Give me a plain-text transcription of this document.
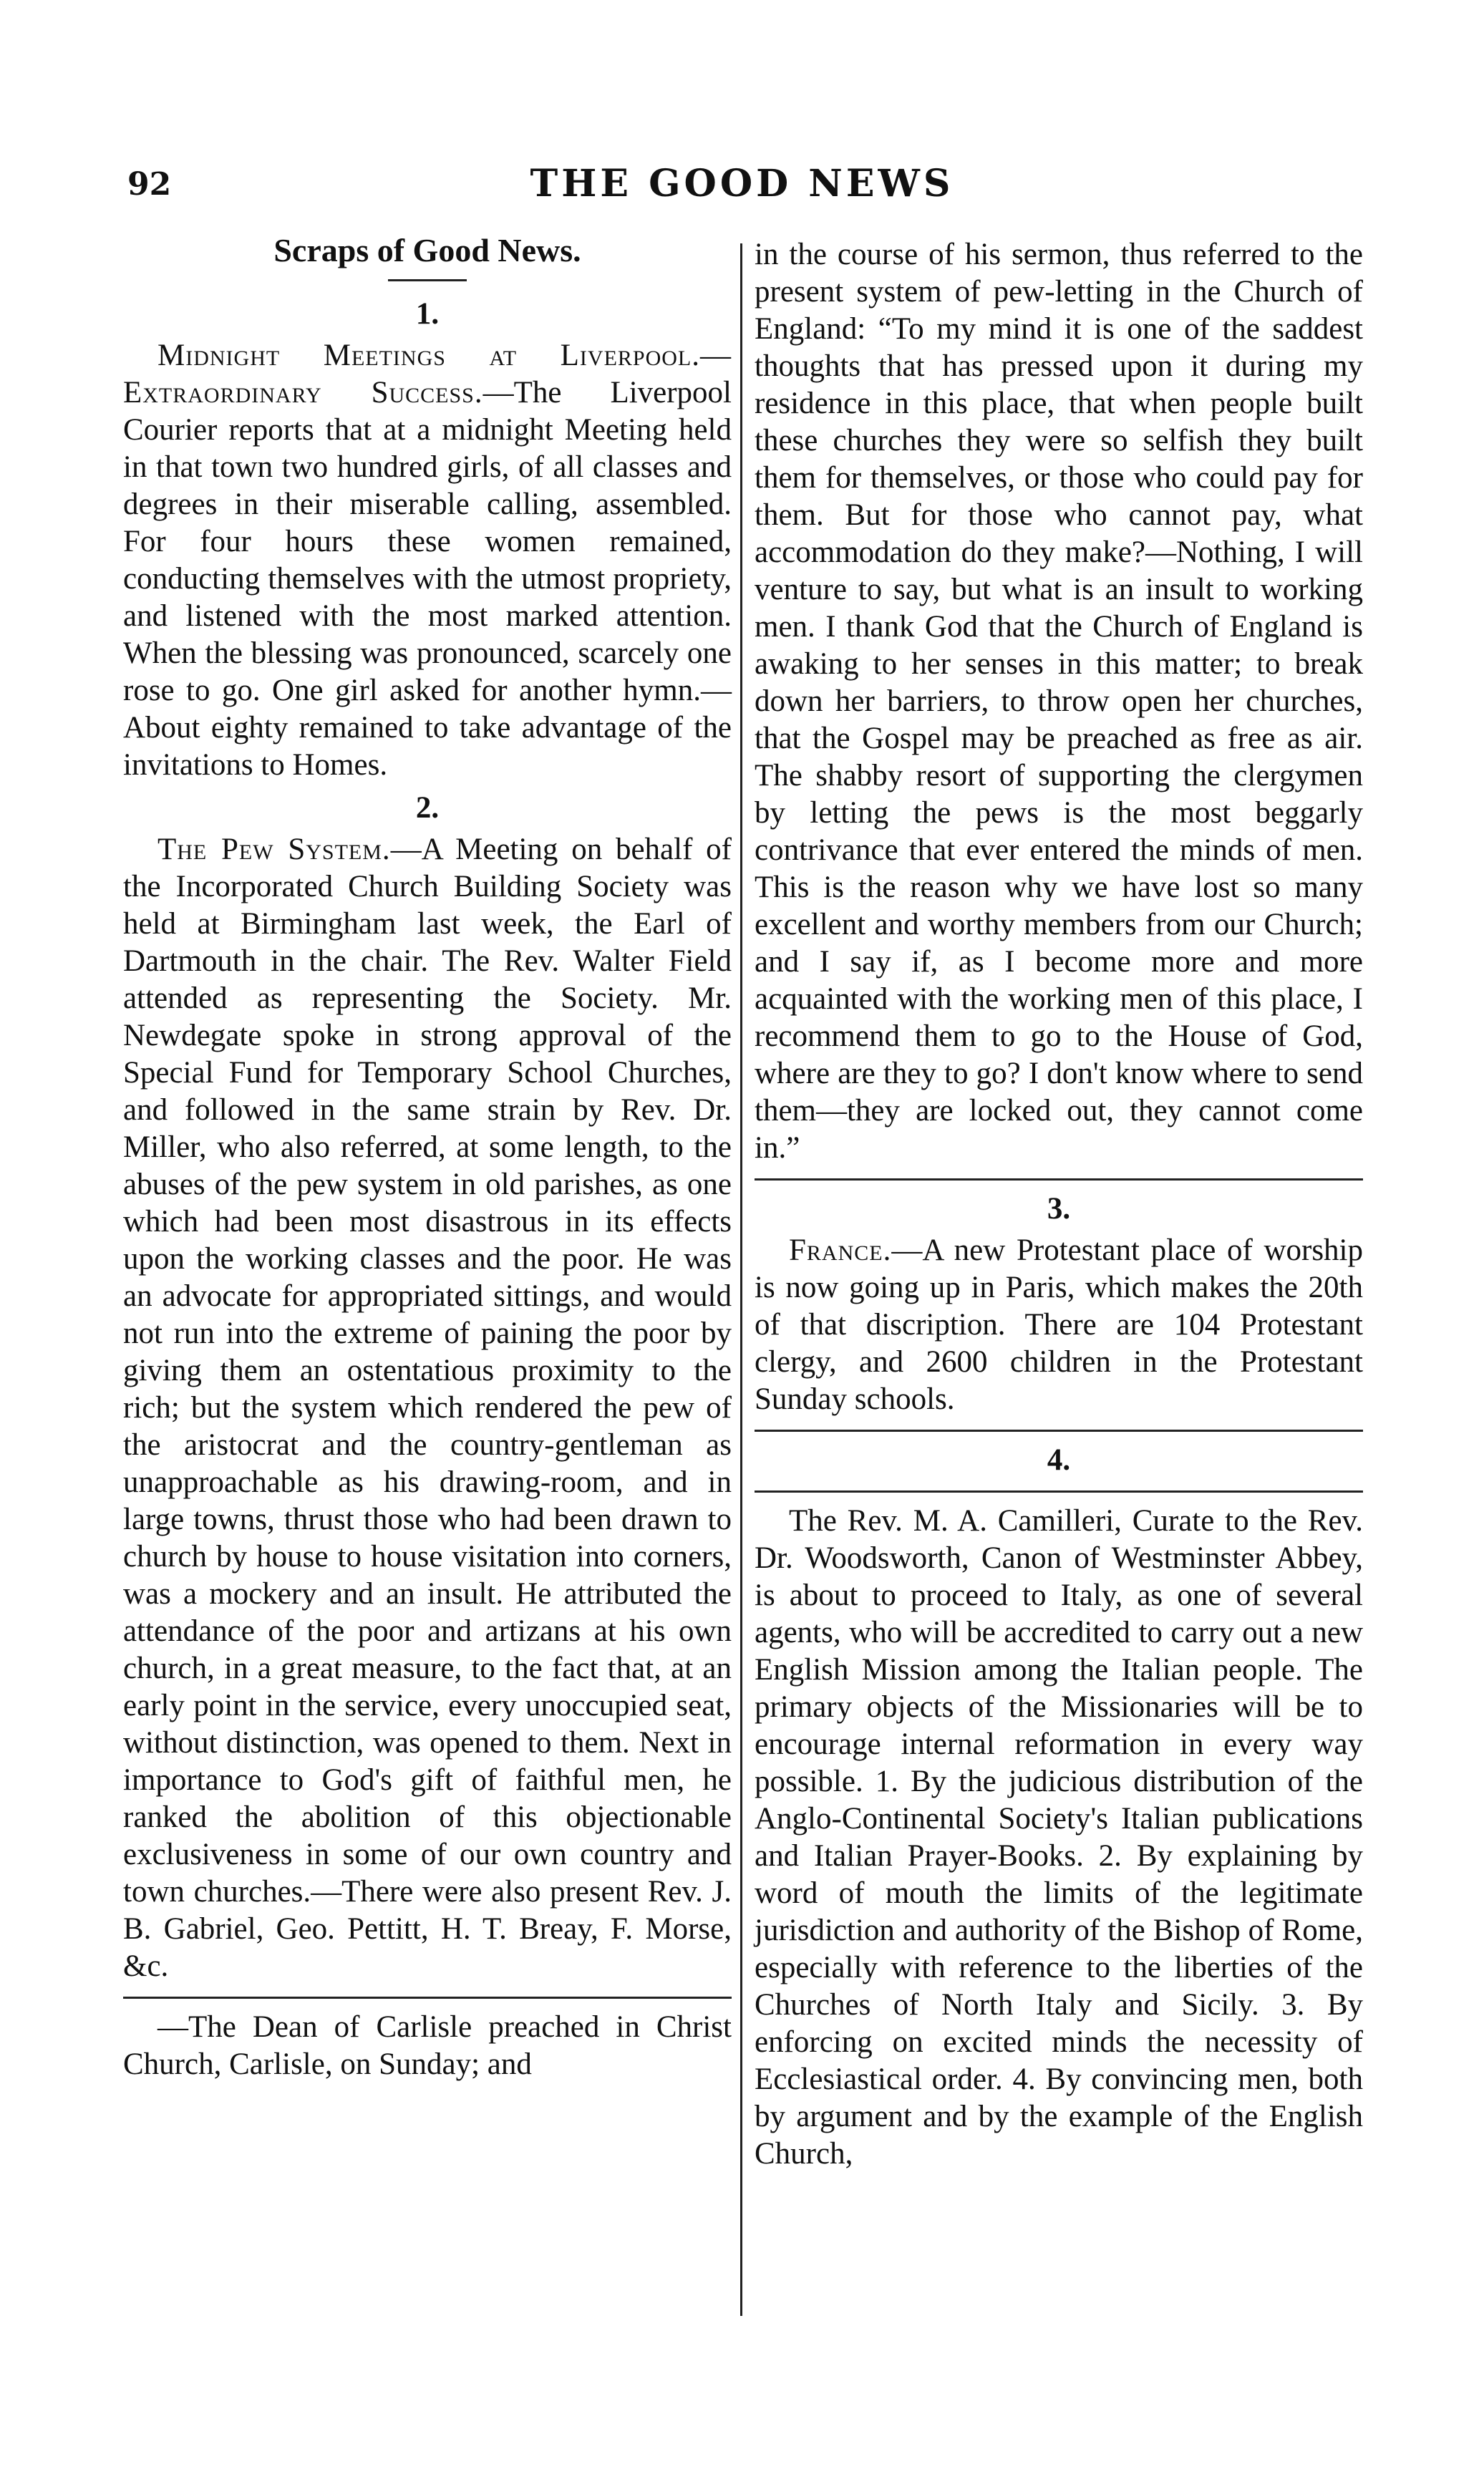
92	THE GOOD NEWS
Scraps of Good News.
1.

Midnight Meetings at Liverpool.—Extraordinary Success.—The Liverpool Courier reports that at a midnight Meeting held in that town two hundred girls, of all classes and degrees in their miserable calling, assembled. For four hours these women remained, conducting themselves with the utmost propriety, and listened with the most marked attention. When the blessing was pronounced, scarcely one rose to go. One girl asked for another hymn.—About eighty remained to take advantage of the invitations to Homes.

2.

The Pew System.—A Meeting on behalf of the Incorporated Church Building Society was held at Birmingham last week, the Earl of Dartmouth in the chair. The Rev. Walter Field attended as representing the Society. Mr. Newdegate spoke in strong approval of the Special Fund for Temporary School Churches, and followed in the same strain by Rev. Dr. Miller, who also referred, at some length, to the abuses of the pew system in old parishes, as one which had been most disastrous in its effects upon the working classes and the poor. He was an advocate for appropriated sittings, and would not run into the extreme of paining the poor by giving them an ostentatious proximity to the rich; but the system which rendered the pew of the aristocrat and the country-gentleman as unapproachable as his drawing-room, and in large towns, thrust those who had been drawn to church by house to house visitation into corners, was a mockery and an insult. He attributed the attendance of the poor and artizans at his own church, in a great measure, to the fact that, at an early point in the service, every unoccupied seat, without distinction, was opened to them. Next in importance to God's gift of faithful men, he ranked the abolition of this objectionable exclusiveness in some of our own country and town churches.—There were also present Rev. J. B. Gabriel, Geo. Pettitt, H. T. Breay, F. Morse, &c.

—The Dean of Carlisle preached in Christ Church, Carlisle, on Sunday; and

in the course of his sermon, thus referred to the present system of pew-letting in the Church of England: “To my mind it is one of the saddest thoughts that has pressed upon it during my residence in this place, that when people built these churches they were so selfish they built them for themselves, or those who could pay for them. But for those who cannot pay, what accommodation do they make?—Nothing, I will venture to say, but what is an insult to working men. I thank God that the Church of England is awaking to her senses in this matter; to break down her barriers, to throw open her churches, that the Gospel may be preached as free as air. The shabby resort of supporting the clergymen by letting the pews is the most beggarly contrivance that ever entered the minds of men. This is the reason why we have lost so many excellent and worthy members from our Church; and I say if, as I become more and more acquainted with the working men of this place, I recommend them to go to the House of God, where are they to go? I don't know where to send them—they are locked out, they cannot come in.”

3.

France.—A new Protestant place of worship is now going up in Paris, which makes the 20th of that discription. There are 104 Protestant clergy, and 2600 children in the Protestant Sunday schools.

4.

The Rev. M. A. Camilleri, Curate to the Rev. Dr. Woodsworth, Canon of Westminster Abbey, is about to proceed to Italy, as one of several agents, who will be accredited to carry out a new English Mission among the Italian people. The primary objects of the Missionaries will be to encourage internal reformation in every way possible. 1. By the judicious distribution of the Anglo-Continental Society's Italian publications and Italian Prayer-Books. 2. By explaining by word of mouth the limits of the legitimate jurisdiction and authority of the Bishop of Rome, especially with reference to the liberties of the Churches of North Italy and Sicily. 3. By enforcing on excited minds the necessity of Ecclesiastical order. 4. By convincing men, both by argument and by the example of the English Church,
